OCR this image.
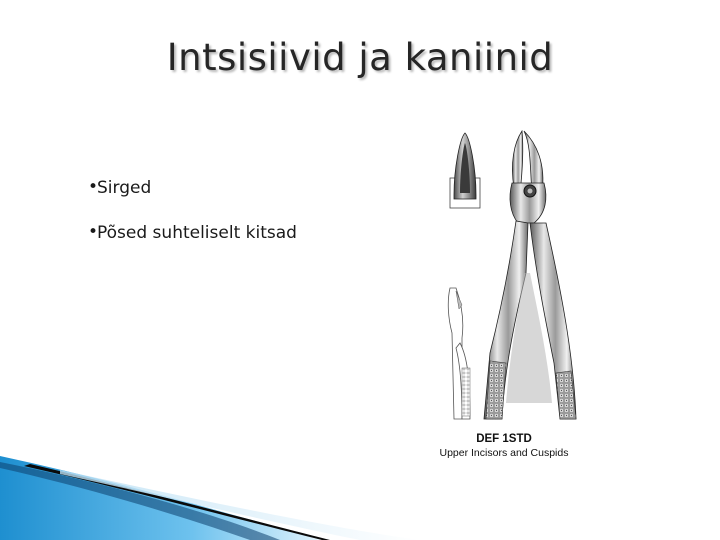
Intsisiivid ja kaniinid
•
Sirged
•
Põsed suhteliselt kitsad
DEF 1STD
Upper Incisors and Cuspids
